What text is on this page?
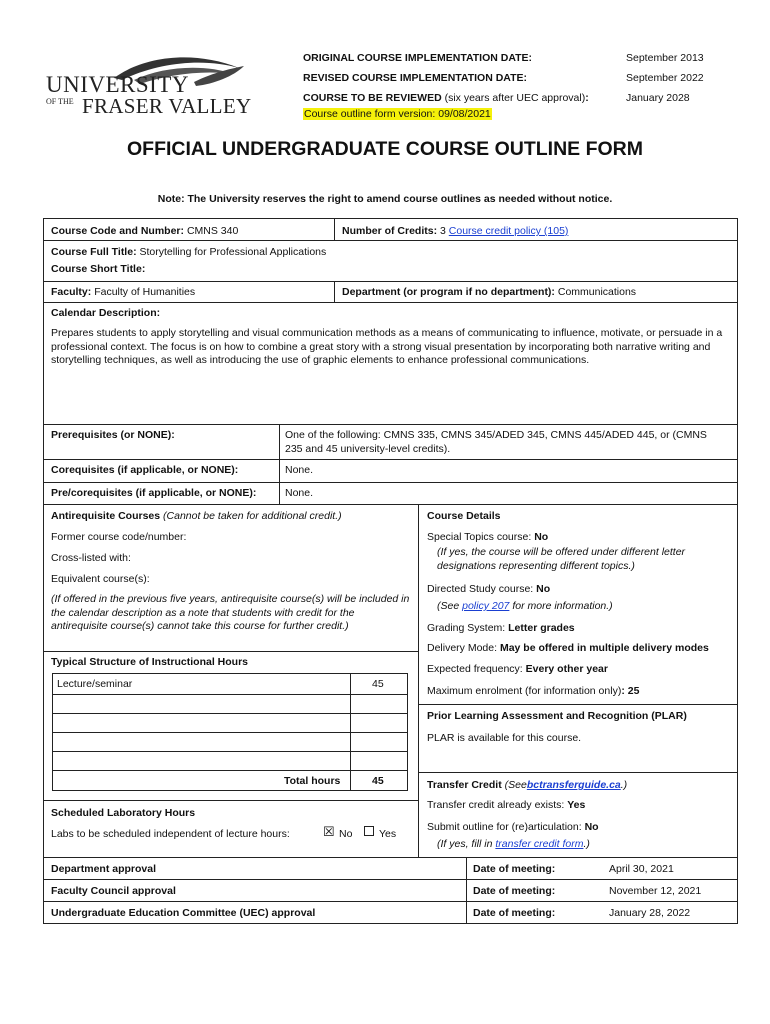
UNIVERSITY
OF THE FRASER VALLEY
ORIGINAL COURSE IMPLEMENTATION DATE:	September 2013
REVISED COURSE IMPLEMENTATION DATE:	September 2022
COURSE TO BE REVIEWED (six years after UEC approval):	January 2028
Course outline form version: 09/08/2021
OFFICIAL UNDERGRADUATE COURSE OUTLINE FORM
Note: The University reserves the right to amend course outlines as needed without notice.
Course Code and Number: CMNS 340	Number of Credits: 3 Course credit policy (105)
Course Full Title: Storytelling for Professional Applications
Course Short Title:
Faculty: Faculty of Humanities	Department (or program if no department): Communications
Calendar Description:
Prepares students to apply storytelling and visual communication methods as a means of communicating to influence, motivate, or persuade in a professional context. The focus is on how to combine a great story with a strong visual presentation by incorporating both narrative writing and storytelling techniques, as well as introducing the use of graphic elements to enhance professional communications.
Prerequisites (or NONE):	One of the following: CMNS 335, CMNS 345/ADED 345, CMNS 445/ADED 445, or (CMNS 235 and 45 university-level credits).
Corequisites (if applicable, or NONE):	None.
Pre/corequisites (if applicable, or NONE):	None.
Antirequisite Courses (Cannot be taken for additional credit.)
Former course code/number:
Cross-listed with:
Equivalent course(s):
(If offered in the previous five years, antirequisite course(s) will be included in the calendar description as a note that students with credit for the antirequisite course(s) cannot take this course for further credit.)
Typical Structure of Instructional Hours
Lecture/seminar	45
Total hours	45
Scheduled Laboratory Hours
Labs to be scheduled independent of lecture hours:	☒ No	Yes
Course Details
Special Topics course: No
(If yes, the course will be offered under different letter designations representing different topics.)
Directed Study course: No
(See policy 207 for more information.)
Grading System: Letter grades
Delivery Mode: May be offered in multiple delivery modes
Expected frequency: Every other year
Maximum enrolment (for information only): 25
Prior Learning Assessment and Recognition (PLAR)
PLAR is available for this course.
Transfer Credit (Seebctransferguide.ca.)
Transfer credit already exists: Yes
Submit outline for (re)articulation: No
(If yes, fill in transfer credit form.)
Department approval	Date of meeting:	April 30, 2021
Faculty Council approval	Date of meeting:	November 12, 2021
Undergraduate Education Committee (UEC) approval	Date of meeting:	January 28, 2022
